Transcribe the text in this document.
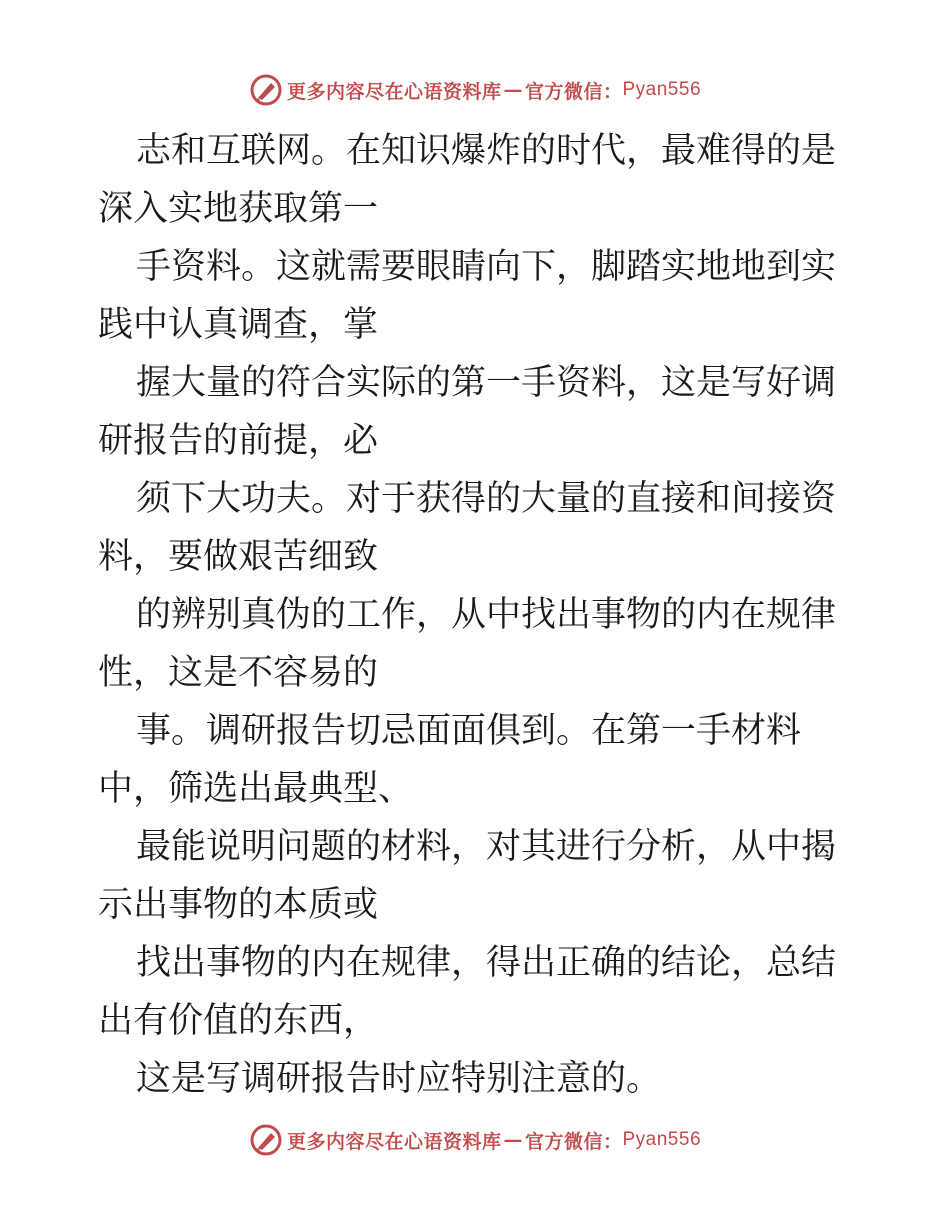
更多内容尽在心语资料库 — 官方微信： Pyan556

志和互联网。在知识爆炸的时代，最难得的是深入实地获取第一

手资料。这就需要眼睛向下，脚踏实地地到实践中认真调查，掌

握大量的符合实际的第一手资料，这是写好调研报告的前提，必

须下大功夫。对于获得的大量的直接和间接资料，要做艰苦细致

的辨别真伪的工作，从中找出事物的内在规律性，这是不容易的

事。调研报告切忌面面俱到。在第一手材料中，筛选出最典型、

最能说明问题的材料，对其进行分析，从中揭示出事物的本质或

找出事物的内在规律，得出正确的结论，总结出有价值的东西，

这是写调研报告时应特别注意的。

更多内容尽在心语资料库 — 官方微信： Pyan556
